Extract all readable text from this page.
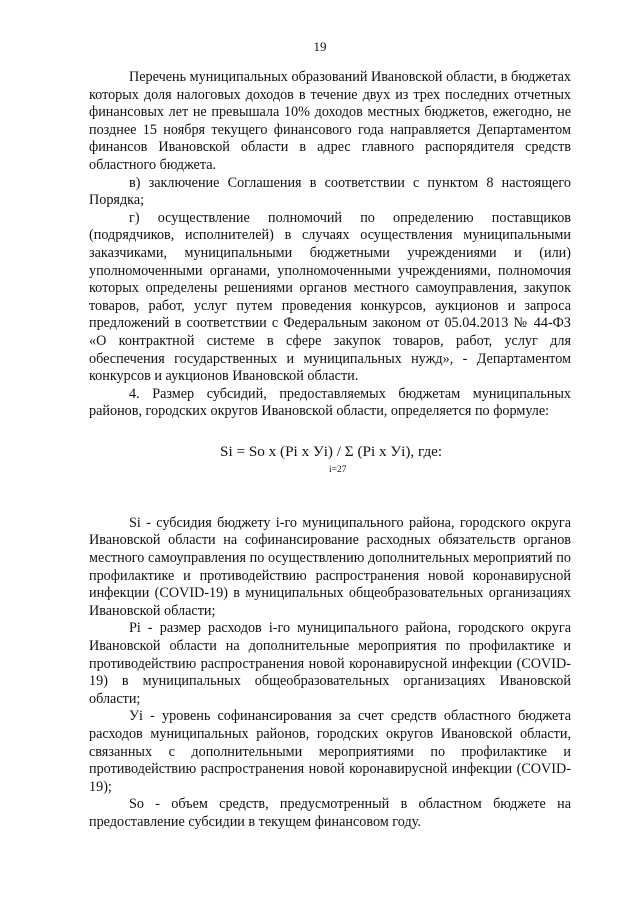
19

Перечень муниципальных образований Ивановской области, в бюджетах которых доля налоговых доходов в течение двух из трех последних отчетных финансовых лет не превышала 10% доходов местных бюджетов, ежегодно, не позднее 15 ноября текущего финансового года направляется Департаментом финансов Ивановской области в адрес главного распорядителя средств областного бюджета.

в) заключение Соглашения в соответствии с пунктом 8 настоящего Порядка;

г) осуществление полномочий по определению поставщиков (подрядчиков, исполнителей) в случаях осуществления муниципальными заказчиками, муниципальными бюджетными учреждениями и (или) уполномоченными органами, уполномоченными учреждениями, полномочия которых определены решениями органов местного самоуправления, закупок товаров, работ, услуг путем проведения конкурсов, аукционов и запроса предложений в соответствии с Федеральным законом от 05.04.2013 № 44-ФЗ «О контрактной системе в сфере закупок товаров, работ, услуг для обеспечения государственных и муниципальных нужд», - Департаментом конкурсов и аукционов Ивановской области.

4. Размер субсидий, предоставляемых бюджетам муниципальных районов, городских округов Ивановской области, определяется по формуле:

Si = So x (Pi x Уi) / Σ (Pi x Уi), где:
i=27

Si - субсидия бюджету i-го муниципального района, городского округа Ивановской области на софинансирование расходных обязательств органов местного самоуправления по осуществлению дополнительных мероприятий по профилактике и противодействию распространения новой коронавирусной инфекции (COVID-19) в муниципальных общеобразовательных организациях Ивановской области;

Pi - размер расходов i-го муниципального района, городского округа Ивановской области на дополнительные мероприятия по профилактике и противодействию распространения новой коронавирусной инфекции (COVID-19) в муниципальных общеобразовательных организациях Ивановской области;

Уi - уровень софинансирования за счет средств областного бюджета расходов муниципальных районов, городских округов Ивановской области, связанных с дополнительными мероприятиями по профилактике и противодействию распространения новой коронавирусной инфекции (COVID-19);

So - объем средств, предусмотренный в областном бюджете на предоставление субсидии в текущем финансовом году.
